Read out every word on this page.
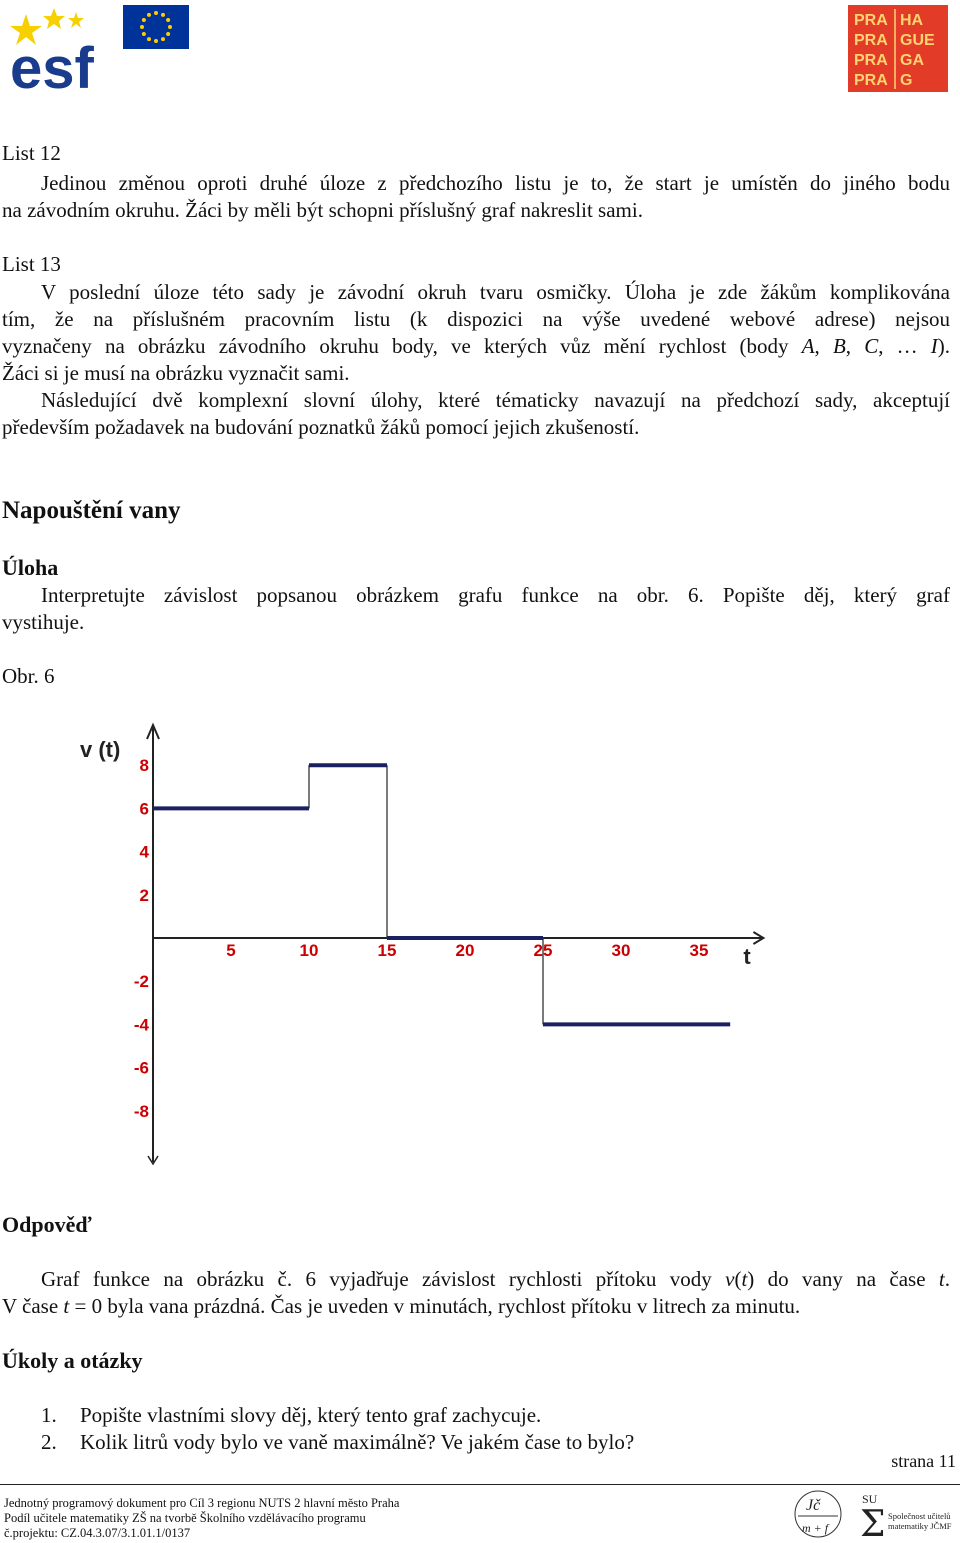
esf
PRA HA
PRA GUE
PRA GA
PRA G
List 12
Jedinou změnou oproti druhé úloze z předchozího listu je to, že start je umístěn do jiného bodu
na závodním okruhu. Žáci by měli být schopni příslušný graf nakreslit sami.
List 13
V poslední úloze této sady je závodní okruh tvaru osmičky. Úloha je zde žákům komplikována
tím, že na příslušném pracovním listu (k dispozici na výše uvedené webové adrese) nejsou
vyznačeny na obrázku závodního okruhu body, ve kterých vůz mění rychlost (body A, B, C, … I).
Žáci si je musí na obrázku vyznačit sami.
Následující dvě komplexní slovní úlohy, které tématicky navazují na předchozí sady, akceptují
především požadavek na budování poznatků žáků pomocí jejich zkušeností.
Napouštění vany
Úloha
Interpretujte závislost popsanou obrázkem grafu funkce na obr. 6. Popište děj, který graf
vystihuje.
Obr. 6
v (t)
t
5	10	15	20	25	30	35
8
6
4
2
-2
-4
-6
-8
Odpověď
Graf funkce na obrázku č. 6 vyjadřuje závislost rychlosti přítoku vody v(t) do vany na čase t.
V čase t = 0 byla vana prázdná. Čas je uveden v minutách, rychlost přítoku v litrech za minutu.
Úkoly a otázky
1. Popište vlastními slovy děj, který tento graf zachycuje.
2. Kolik litrů vody bylo ve vaně maximálně? Ve jakém čase to bylo?
strana 11
Jednotný programový dokument pro Cíl 3 regionu NUTS 2 hlavní město Praha
Podíl učitele matematiky ZŠ na tvorbě Školního vzdělávacího programu
č.projektu: CZ.04.3.07/3.1.01.1/0137
Jč
m + f
SU
Σ Společnost učitelů
matematiky JČMF
